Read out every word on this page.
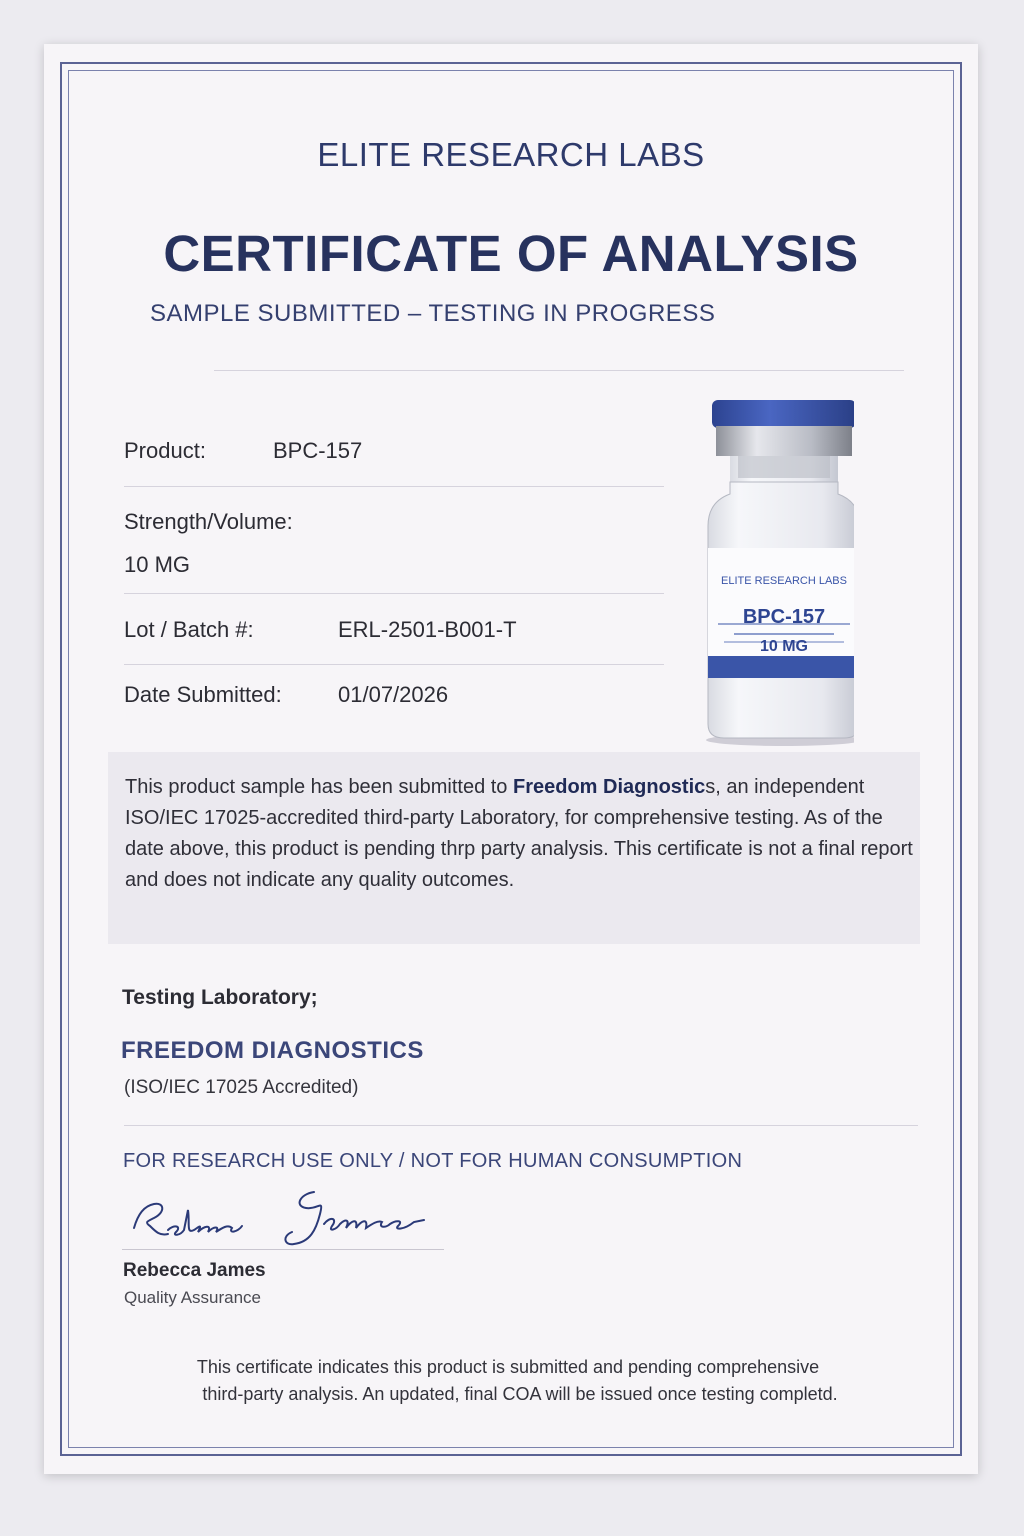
ELITE RESEARCH LABS
CERTIFICATE OF ANALYSIS
SAMPLE SUBMITTED – TESTING IN PROGRESS
Product:	BPC-157
Strength/Volume:
10 MG
Lot / Batch #:	ERL-2501-B001-T
Date Submitted:	01/07/2026
ELITE RESEARCH LABS
BPC-157
10 MG
This product sample has been submitted to Freedom Diagnostics, an independent ISO/IEC 17025-accredited third-party Laboratory, for comprehensive testing. As of the date above, this product is pending thrp party analysis. This certificate is not a final report and does not indicate any quality outcomes.
Testing Laboratory;
FREEDOM DIAGNOSTICS
(ISO/IEC 17025 Accredited)
FOR RESEARCH USE ONLY / NOT FOR HUMAN CONSUMPTION
Rebecca James
Quality Assurance
This certificate indicates this product is submitted and pending comprehensive
third-party analysis. An updated, final COA will be issued once testing completd.
